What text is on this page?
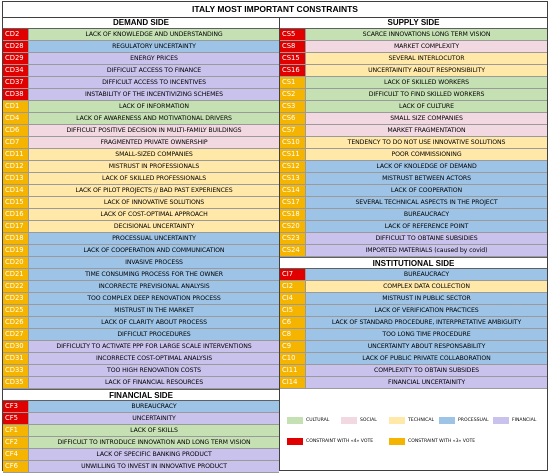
ITALY MOST IMPORTANT CONSTRAINTS
DEMAND SIDE
CD2	LACK OF KNOWLEDGE AND UNDERSTANDING
CD28	REGULATORY UNCERTAINTY
CD29	ENERGY PRICES
CD34	DIFFICULT ACCESS TO FINANCE
CD37	DIFFICULT ACCESS TO INCENTIVES
CD38	INSTABILITY OF THE INCENTIVIZING SCHEMES
CD1	LACK OF INFORMATION
CD4	LACK OF AWARENESS AND MOTIVATIONAL DRIVERS
CD6	DIFFICULT POSITIVE DECISION IN MULTI-FAMILY BUILDINGS
CD7	FRAGMENTED PRIVATE OWNERSHIP
CD11	SMALL-SIZED COMPANIES
CD12	MISTRUST IN PROFESSIONALS
CD13	LACK OF SKILLED PROFESSIONALS
CD14	LACK OF PILOT PROJECTS // BAD PAST EXPERIENCES
CD15	LACK OF INNOVATIVE SOLUTIONS
CD16	LACK OF COST-OPTIMAL APPROACH
CD17	DECISIONAL UNCERTAINTY
CD18	PROCESSUAL UNCERTAINTY
CD19	LACK OF COOPERATION AND COMMUNICATION
CD20	INVASIVE PROCESS
CD21	TIME CONSUMING PROCESS FOR THE OWNER
CD22	INCORRECTE PREVISIONAL ANALYSIS
CD23	TOO COMPLEX DEEP RENOVATION PROCESS
CD25	MISTRUST IN THE MARKET
CD26	LACK OF CLARITY ABOUT PROCESS
CD27	DIFFICULT PROCEDURES
CD30	DIFFICULTY TO ACTIVATE PPP FOR LARGE SCALE INTERVENTIONS
CD31	INCORRECTE COST-OPTIMAL ANALYSIS
CD33	TOO HIGH RENOVATION COSTS
CD35	LACK OF FINANCIAL RESOURCES
FINANCIAL SIDE
CF3	BUREAUCRACY
CF5	UNCERTAINITY
CF1	LACK OF SKILLS
CF2	DIFFICULT TO INTRODUCE INNOVATION AND LONG TERM VISION
CF4	LACK OF SPECIFIC BANKING PRODUCT
CF6	UNWILLING TO INVEST IN INNOVATIVE PRODUCT
SUPPLY SIDE
CS5	SCARCE INNOVATIONS LONG TERM VISION
CS8	MARKET COMPLEXITY
CS15	SEVERAL INTERLOCUTOR
CS16	UNCERTAINITY ABOUT RESPONSIBILITY
CS1	LACK OF SKILLED WORKERS
CS2	DIFFICULT TO FIND SKILLED WORKERS
CS3	LACK OF CULTURE
CS6	SMALL SIZE COMPANIES
CS7	MARKET FRAGMENTATION
CS10	TENDENCY TO DO NOT USE INNOVATIVE SOLUTIONS
CS11	POOR COMMISSIONING
CS12	LACK OF KNOLEDGE OF DEMAND
CS13	MISTRUST BETWEEN ACTORS
CS14	LACK OF COOPERATION
CS17	SEVERAL TECHNICAL ASPECTS IN THE PROJECT
CS18	BUREAUCRACY
CS20	LACK OF REFERENCE POINT
CS23	DIFFICULT TO OBTAINE SUBSIDIES
CS24	IMPORTED MATERIALS (caused by covid)
INSTITUTIONAL SIDE
CI7	BUREAUCRACY
CI2	COMPLEX DATA COLLECTION
CI4	MISTRUST IN PUBLIC SECTOR
CI5	LACK OF VERIFICATION PRACTICES
C6	LACK OF STANDARD PROCEDURE, INTERPRETATIVE AMBIGUITY
C8	TOO LONG TIME PROCEDURE
C9	UNCERTAINTY ABOUT RESPONSABILITY
C10	LACK OF PUBLIC PRIVATE COLLABORATION
CI11	COMPLEXITY TO OBTAIN SUBSIDES
CI14	FINANCIAL UNCERTAINITY
CULTURAL	SOCIAL	TECHNICAL	PROCESSUAL	FINANCIAL
CONSTRAINT WITH «4» VOTE	CONSTRAINT WITH «3» VOTE
